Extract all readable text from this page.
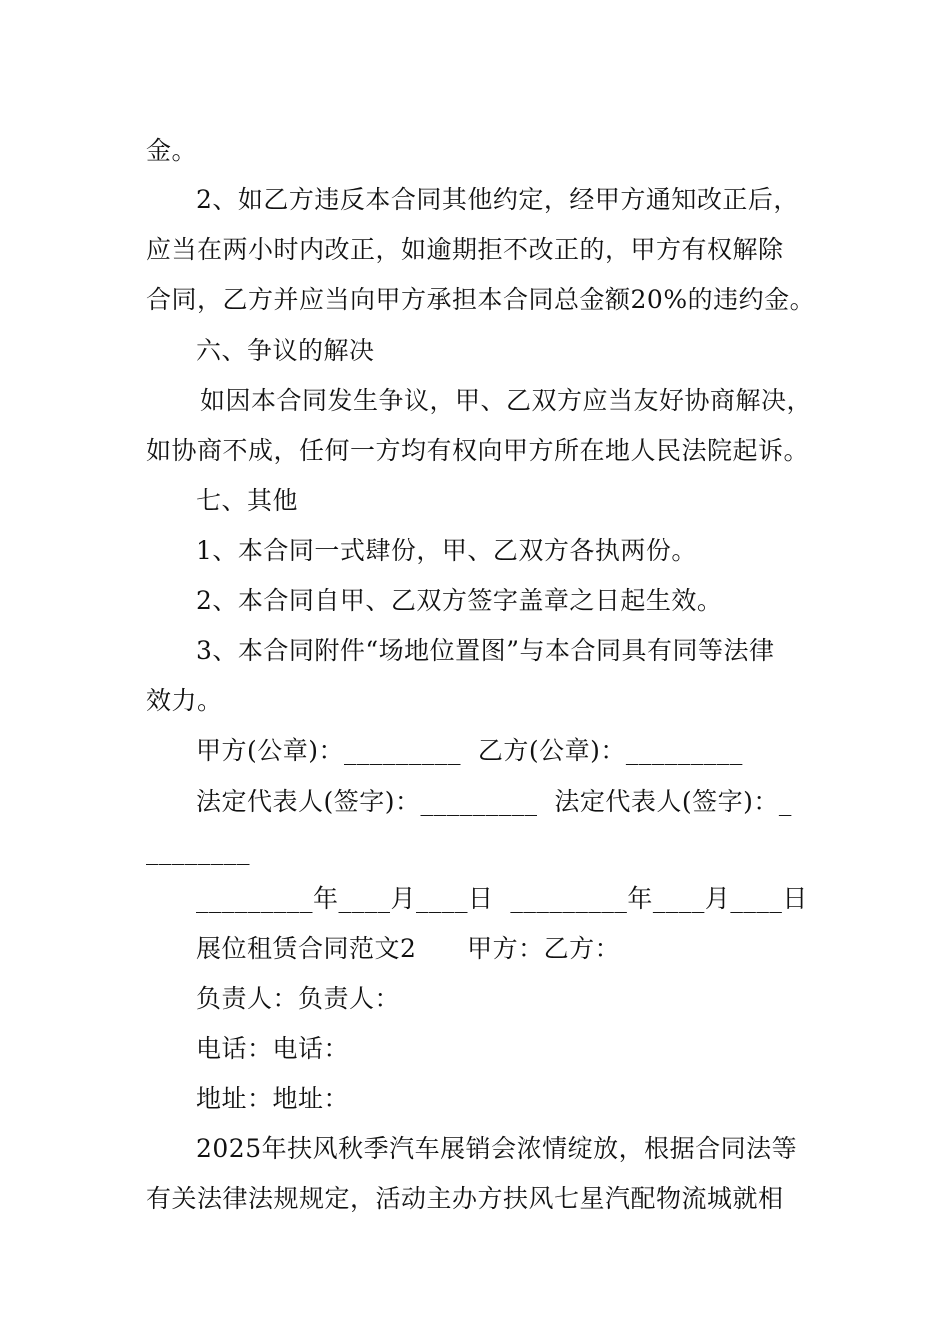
金。
2、如乙方违反本合同其他约定，经甲方通知改正后，
应当在两小时内改正，如逾期拒不改正的，甲方有权解除
合同，乙方并应当向甲方承担本合同总金额20%的违约金。
六、争议的解决
如因本合同发生争议，甲、乙双方应当友好协商解决，
如协商不成，任何一方均有权向甲方所在地人民法院起诉。
七、其他
1、本合同一式肆份，甲、乙双方各执两份。
2、本合同自甲、乙双方签字盖章之日起生效。
3、本合同附件“场地位置图”与本合同具有同等法律
效力。
甲方(公章)：_________  乙方(公章)：_________
法定代表人(签字)：_________  法定代表人(签字)：_
________
_________年____月____日  _________年____月____日
展位租赁合同范文2      甲方：乙方：
负责人：负责人：
电话：电话：
地址：地址：
2025年扶风秋季汽车展销会浓情绽放，根据合同法等
有关法律法规规定，活动主办方扶风七星汽配物流城就相
